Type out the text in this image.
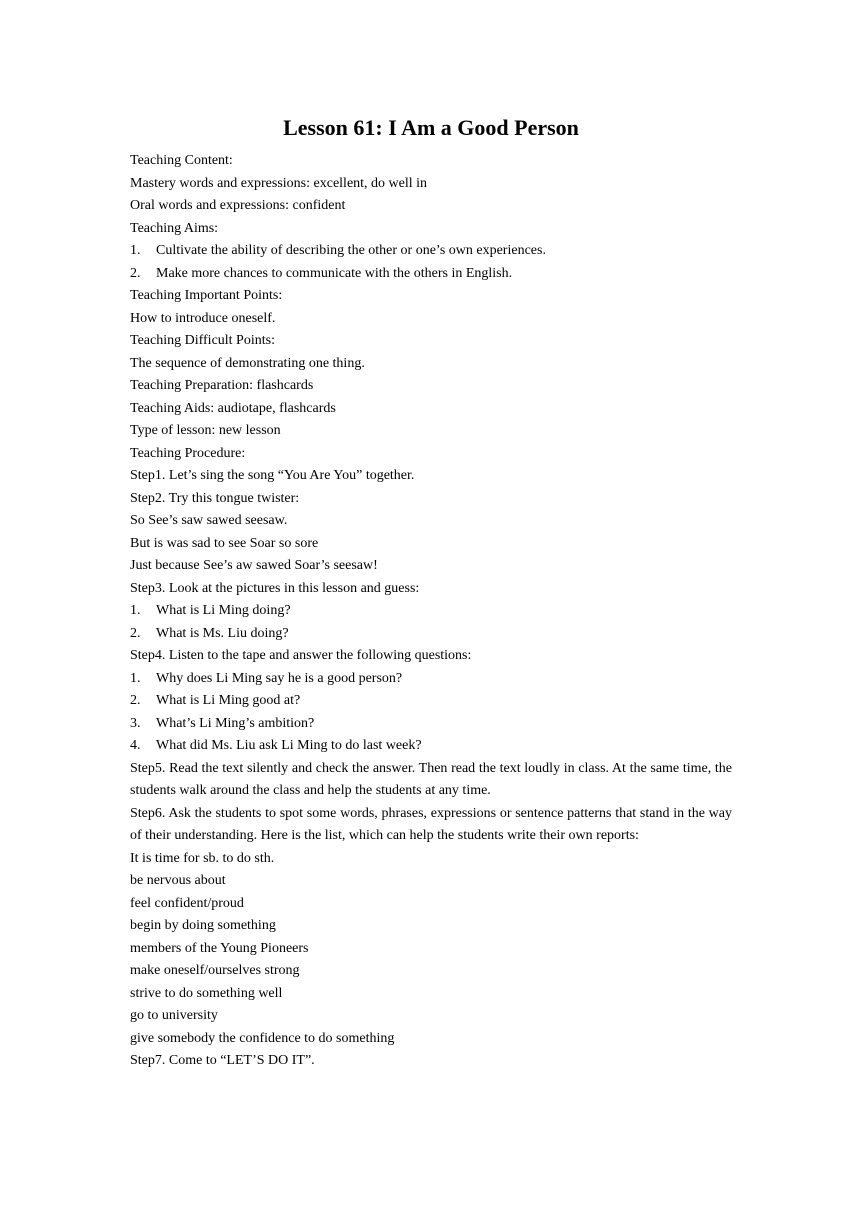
Lesson 61: I Am a Good Person
Teaching Content:
Mastery words and expressions: excellent, do well in
Oral words and expressions: confident
Teaching Aims:
1.	Cultivate the ability of describing the other or one’s own experiences.
2.	Make more chances to communicate with the others in English.
Teaching Important Points:
How to introduce oneself.
Teaching Difficult Points:
The sequence of demonstrating one thing.
Teaching Preparation: flashcards
Teaching Aids: audiotape, flashcards
Type of lesson: new lesson
Teaching Procedure:
Step1. Let’s sing the song “You Are You” together.
Step2. Try this tongue twister:
So See’s saw sawed seesaw.
But is was sad to see Soar so sore
Just because See’s aw sawed Soar’s seesaw!
Step3. Look at the pictures in this lesson and guess:
1.	What is Li Ming doing?
2.	What is Ms. Liu doing?
Step4. Listen to the tape and answer the following questions:
1.	Why does Li Ming say he is a good person?
2.	What is Li Ming good at?
3.	What’s Li Ming’s ambition?
4.	What did Ms. Liu ask Li Ming to do last week?
Step5. Read the text silently and check the answer. Then read the text loudly in class. At the same time, the students walk around the class and help the students at any time.
Step6. Ask the students to spot some words, phrases, expressions or sentence patterns that stand in the way of their understanding. Here is the list, which can help the students write their own reports:
It is time for sb. to do sth.
be nervous about
feel confident/proud
begin by doing something
members of the Young Pioneers
make oneself/ourselves strong
strive to do something well
go to university
give somebody the confidence to do something
Step7. Come to “LET’S DO IT”.
